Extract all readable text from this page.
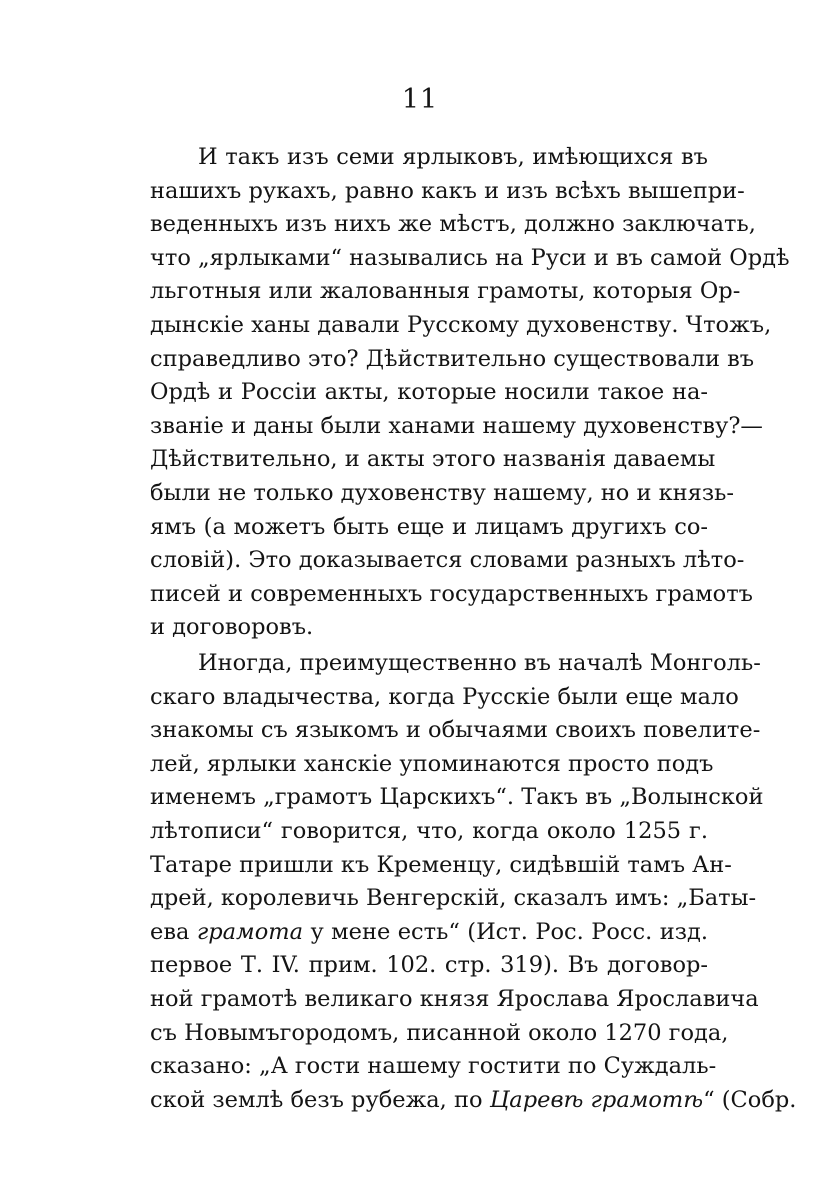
11
И такъ изъ семи ярлыковъ, имѣющихся въ
нашихъ рукахъ, равно какъ и изъ всѣхъ вышепри-
веденныхъ изъ нихъ же мѣстъ, должно заключать,
что „ярлыками“ назывались на Руси и въ самой Ордѣ
льготныя или жалованныя грамоты, которыя Ор-
дынскіе ханы давали Русскому духовенству. Чтожъ,
справедливо это? Дѣйствительно существовали въ
Ордѣ и Россіи акты, которые носили такое на-
званіе и даны были ханами нашему духовенству?—
Дѣйствительно, и акты этого названія даваемы
были не только духовенству нашему, но и князь-
ямъ (а можетъ быть еще и лицамъ другихъ со-
словій). Это доказывается словами разныхъ лѣто-
писей и современныхъ государственныхъ грамотъ
и договоровъ.
Иногда, преимущественно въ началѣ Монголь-
скаго владычества, когда Русскіе были еще мало
знакомы съ языкомъ и обычаями своихъ повелите-
лей, ярлыки ханскіе упоминаются просто подъ
именемъ „грамотъ Царскихъ“. Такъ въ „Волынской
лѣтописи“ говорится, что, когда около 1255 г.
Татаре пришли къ Кременцу, сидѣвшій тамъ Ан-
дрей, королевичь Венгерскій, сказалъ имъ: „Баты-
ева грамота у мене есть“ (Ист. Рос. Росс. изд.
первое Т. IV. прим. 102. стр. 319). Въ договор-
ной грамотѣ великаго князя Ярослава Ярославича
съ Новымъгородомъ, писанной около 1270 года,
сказано: „А гости нашему гостити по Суждаль-
ской землѣ безъ рубежа, по Царевѣ грамотѣ“ (Собр.
